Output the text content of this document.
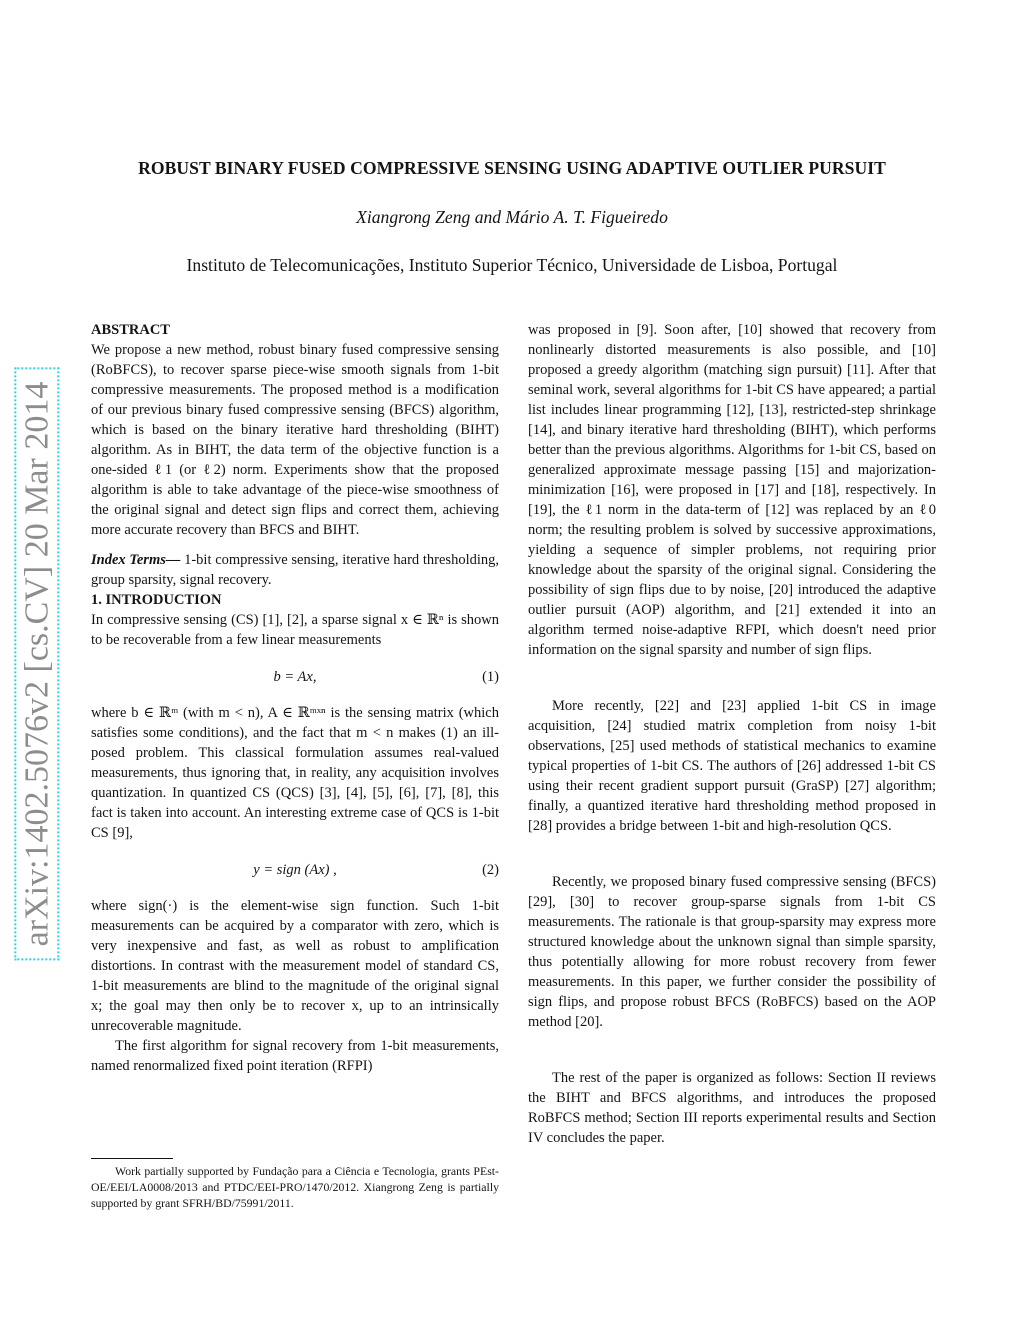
ROBUST BINARY FUSED COMPRESSIVE SENSING USING ADAPTIVE OUTLIER PURSUIT
Xiangrong Zeng and Mário A. T. Figueiredo
Instituto de Telecomunicações, Instituto Superior Técnico, Universidade de Lisboa, Portugal
arXiv:1402.5076v2 [cs.CV] 20 Mar 2014

ABSTRACT

We propose a new method, robust binary fused compressive sensing (RoBFCS), to recover sparse piece-wise smooth signals from 1-bit compressive measurements. The proposed method is a modification of our previous binary fused compressive sensing (BFCS) algorithm, which is based on the binary iterative hard thresholding (BIHT) algorithm. As in BIHT, the data term of the objective function is a one-sided ℓ1 (or ℓ2) norm. Experiments show that the proposed algorithm is able to take advantage of the piece-wise smoothness of the original signal and detect sign flips and correct them, achieving more accurate recovery than BFCS and BIHT.

Index Terms— 1-bit compressive sensing, iterative hard thresholding, group sparsity, signal recovery.

1. INTRODUCTION

In compressive sensing (CS) [1], [2], a sparse signal x ∈ ℝⁿ is shown to be recoverable from a few linear measurements

b = Ax,	(1)

where b ∈ ℝᵐ (with m < n), A ∈ ℝᵐˣⁿ is the sensing matrix (which satisfies some conditions), and the fact that m < n makes (1) an ill-posed problem. This classical formulation assumes real-valued measurements, thus ignoring that, in reality, any acquisition involves quantization. In quantized CS (QCS) [3], [4], [5], [6], [7], [8], this fact is taken into account. An interesting extreme case of QCS is 1-bit CS [9],

y = sign (Ax) ,	(2)

where sign(·) is the element-wise sign function. Such 1-bit measurements can be acquired by a comparator with zero, which is very inexpensive and fast, as well as robust to amplification distortions. In contrast with the measurement model of standard CS, 1-bit measurements are blind to the magnitude of the original signal x; the goal may then only be to recover x, up to an intrinsically unrecoverable magnitude.

The first algorithm for signal recovery from 1-bit measurements, named renormalized fixed point iteration (RFPI)

Work partially supported by Fundação para a Ciência e Tecnologia, grants PEst-OE/EEI/LA0008/2013 and PTDC/EEI-PRO/1470/2012. Xiangrong Zeng is partially supported by grant SFRH/BD/75991/2011.

was proposed in [9]. Soon after, [10] showed that recovery from nonlinearly distorted measurements is also possible, and [10] proposed a greedy algorithm (matching sign pursuit) [11]. After that seminal work, several algorithms for 1-bit CS have appeared; a partial list includes linear programming [12], [13], restricted-step shrinkage [14], and binary iterative hard thresholding (BIHT), which performs better than the previous algorithms. Algorithms for 1-bit CS, based on generalized approximate message passing [15] and majorization-minimization [16], were proposed in [17] and [18], respectively. In [19], the ℓ1 norm in the data-term of [12] was replaced by an ℓ0 norm; the resulting problem is solved by successive approximations, yielding a sequence of simpler problems, not requiring prior knowledge about the sparsity of the original signal. Considering the possibility of sign flips due to by noise, [20] introduced the adaptive outlier pursuit (AOP) algorithm, and [21] extended it into an algorithm termed noise-adaptive RFPI, which doesn't need prior information on the signal sparsity and number of sign flips.

More recently, [22] and [23] applied 1-bit CS in image acquisition, [24] studied matrix completion from noisy 1-bit observations, [25] used methods of statistical mechanics to examine typical properties of 1-bit CS. The authors of [26] addressed 1-bit CS using their recent gradient support pursuit (GraSP) [27] algorithm; finally, a quantized iterative hard thresholding method proposed in [28] provides a bridge between 1-bit and high-resolution QCS.

Recently, we proposed binary fused compressive sensing (BFCS) [29], [30] to recover group-sparse signals from 1-bit CS measurements. The rationale is that group-sparsity may express more structured knowledge about the unknown signal than simple sparsity, thus potentially allowing for more robust recovery from fewer measurements. In this paper, we further consider the possibility of sign flips, and propose robust BFCS (RoBFCS) based on the AOP method [20].

The rest of the paper is organized as follows: Section II reviews the BIHT and BFCS algorithms, and introduces the proposed RoBFCS method; Section III reports experimental results and Section IV concludes the paper.
